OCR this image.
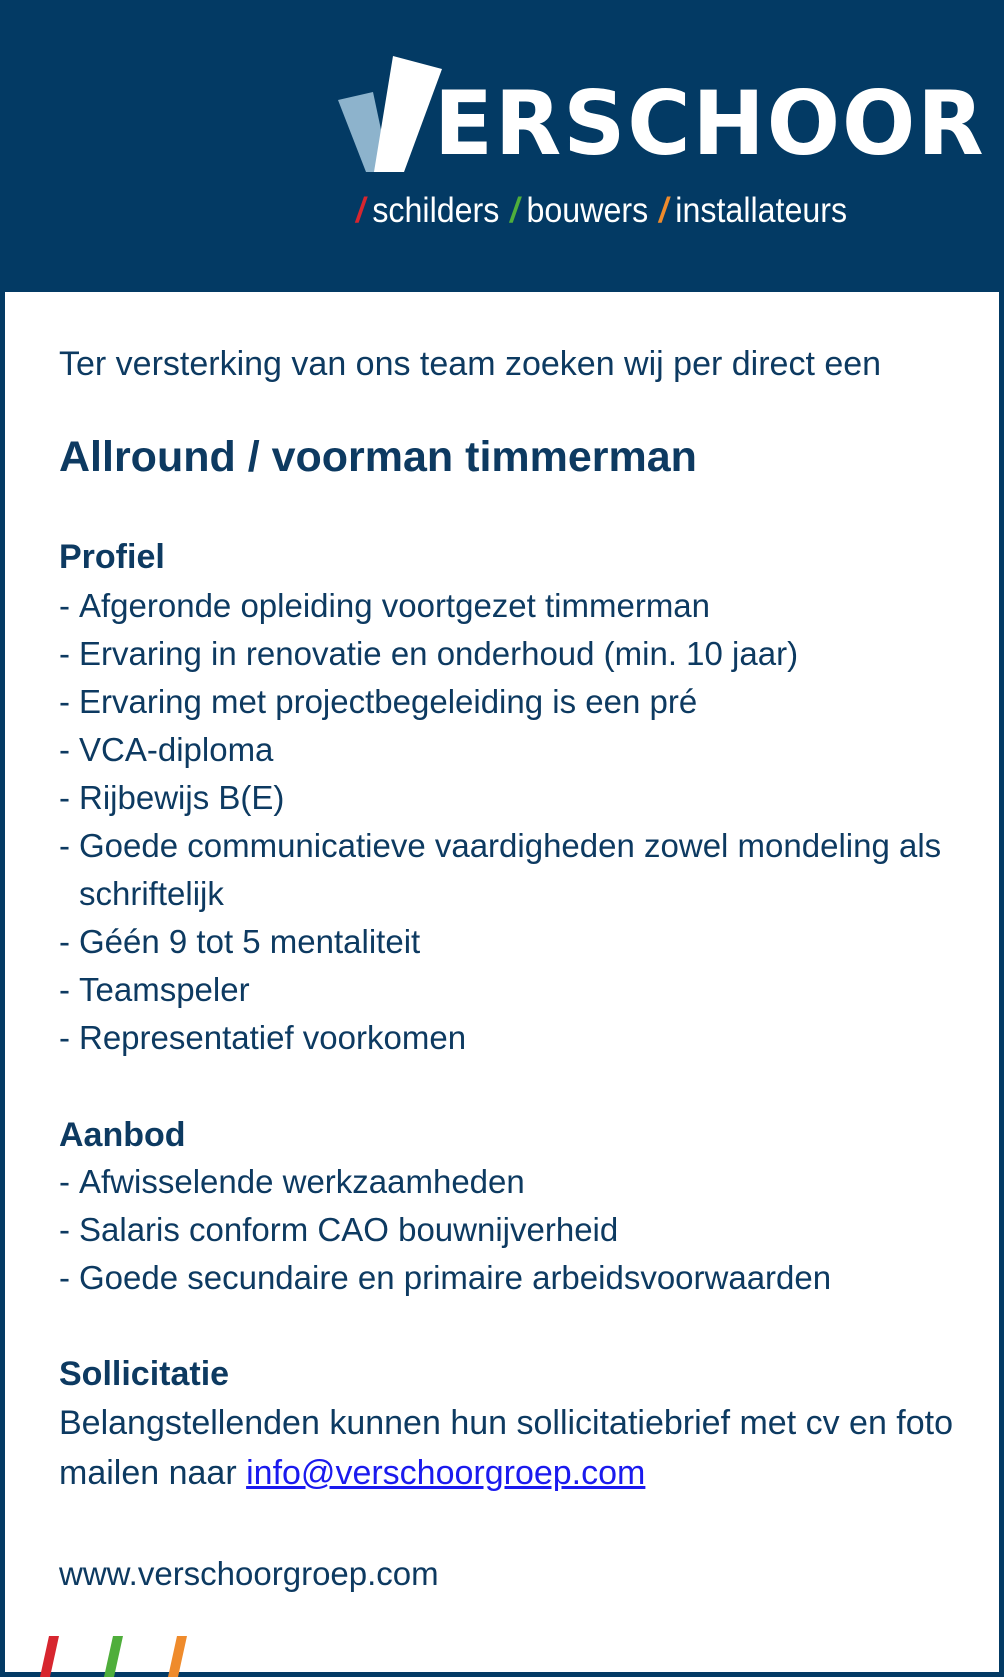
ERSCHOOR
/ schilders / bouwers / installateurs
Ter versterking van ons team zoeken wij per direct een
Allround / voorman timmerman
Profiel
- Afgeronde opleiding voortgezet timmerman
- Ervaring in renovatie en onderhoud (min. 10 jaar)
- Ervaring met projectbegeleiding is een pré
- VCA-diploma
- Rijbewijs B(E)
- Goede communicatieve vaardigheden zowel mondeling als schriftelijk
- Géén 9 tot 5 mentaliteit
- Teamspeler
- Representatief voorkomen
Aanbod
- Afwisselende werkzaamheden
- Salaris conform CAO bouwnijverheid
- Goede secundaire en primaire arbeidsvoorwaarden
Sollicitatie
Belangstellenden kunnen hun sollicitatiebrief met cv en foto mailen naar info@verschoorgroep.com
www.verschoorgroep.com
